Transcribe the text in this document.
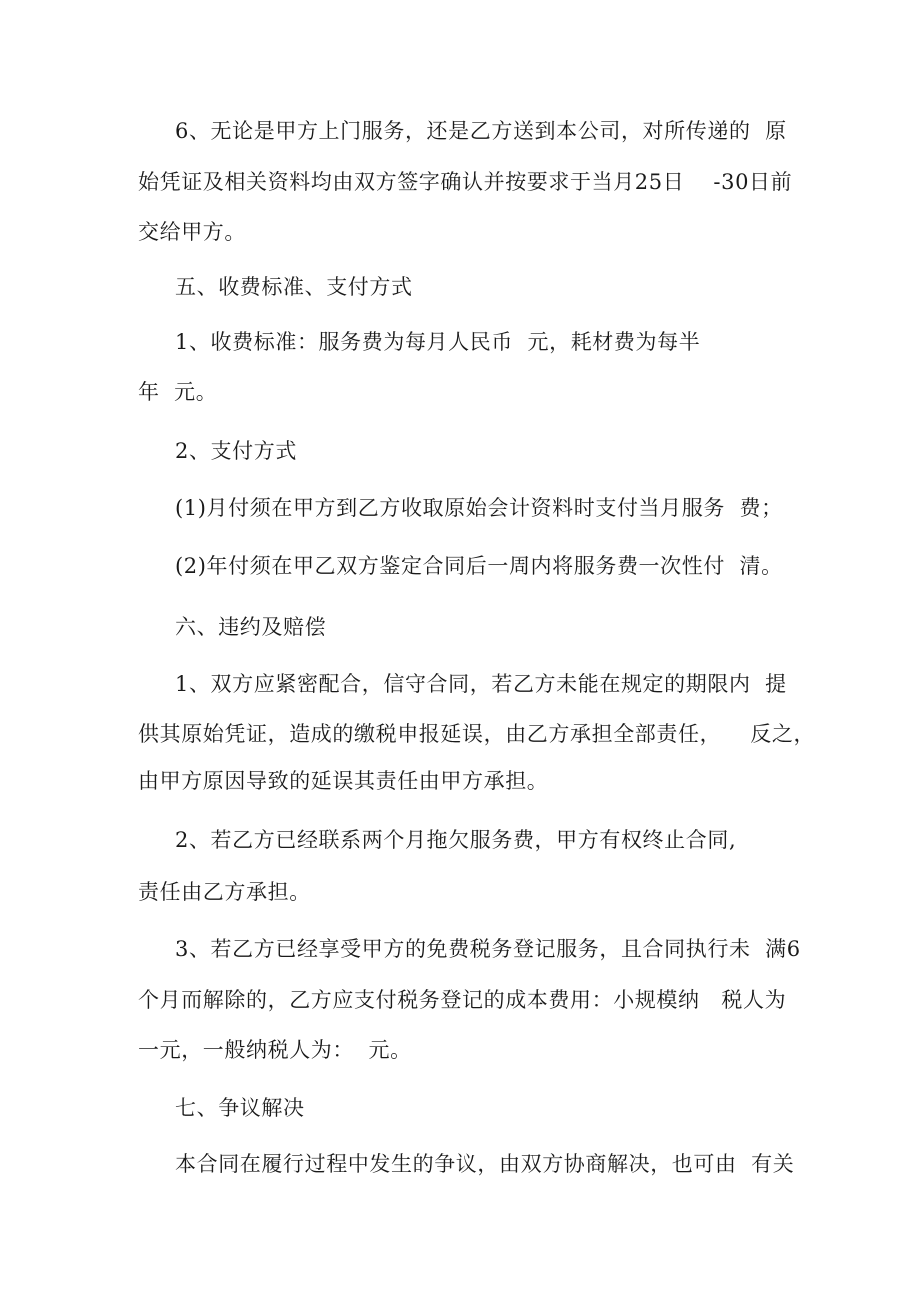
6、无论是甲方上门服务，还是乙方送到本公司，对所传递的  原
始凭证及相关资料均由双方签字确认并按要求于当月25日    -30日前
交给甲方。
五、收费标准、支付方式
1、收费标准：服务费为每月人民币  元，耗材费为每半
年  元。
2、支付方式
(1)月付须在甲方到乙方收取原始会计资料时支付当月服务  费；
(2)年付须在甲乙双方鉴定合同后一周内将服务费一次性付  清。
六、违约及赔偿
1、双方应紧密配合，信守合同，若乙方未能在规定的期限内  提
供其原始凭证，造成的缴税申报延误，由乙方承担全部责任，    反之，
由甲方原因导致的延误其责任由甲方承担。
2、若乙方已经联系两个月拖欠服务费，甲方有权终止合同,
责任由乙方承担。
3、若乙方已经享受甲方的免费税务登记服务，且合同执行未  满6
个月而解除的，乙方应支付税务登记的成本费用：小规模纳   税人为
一元，一般纳税人为：  元。
七、争议解决
本合同在履行过程中发生的争议，由双方协商解决，也可由  有关
